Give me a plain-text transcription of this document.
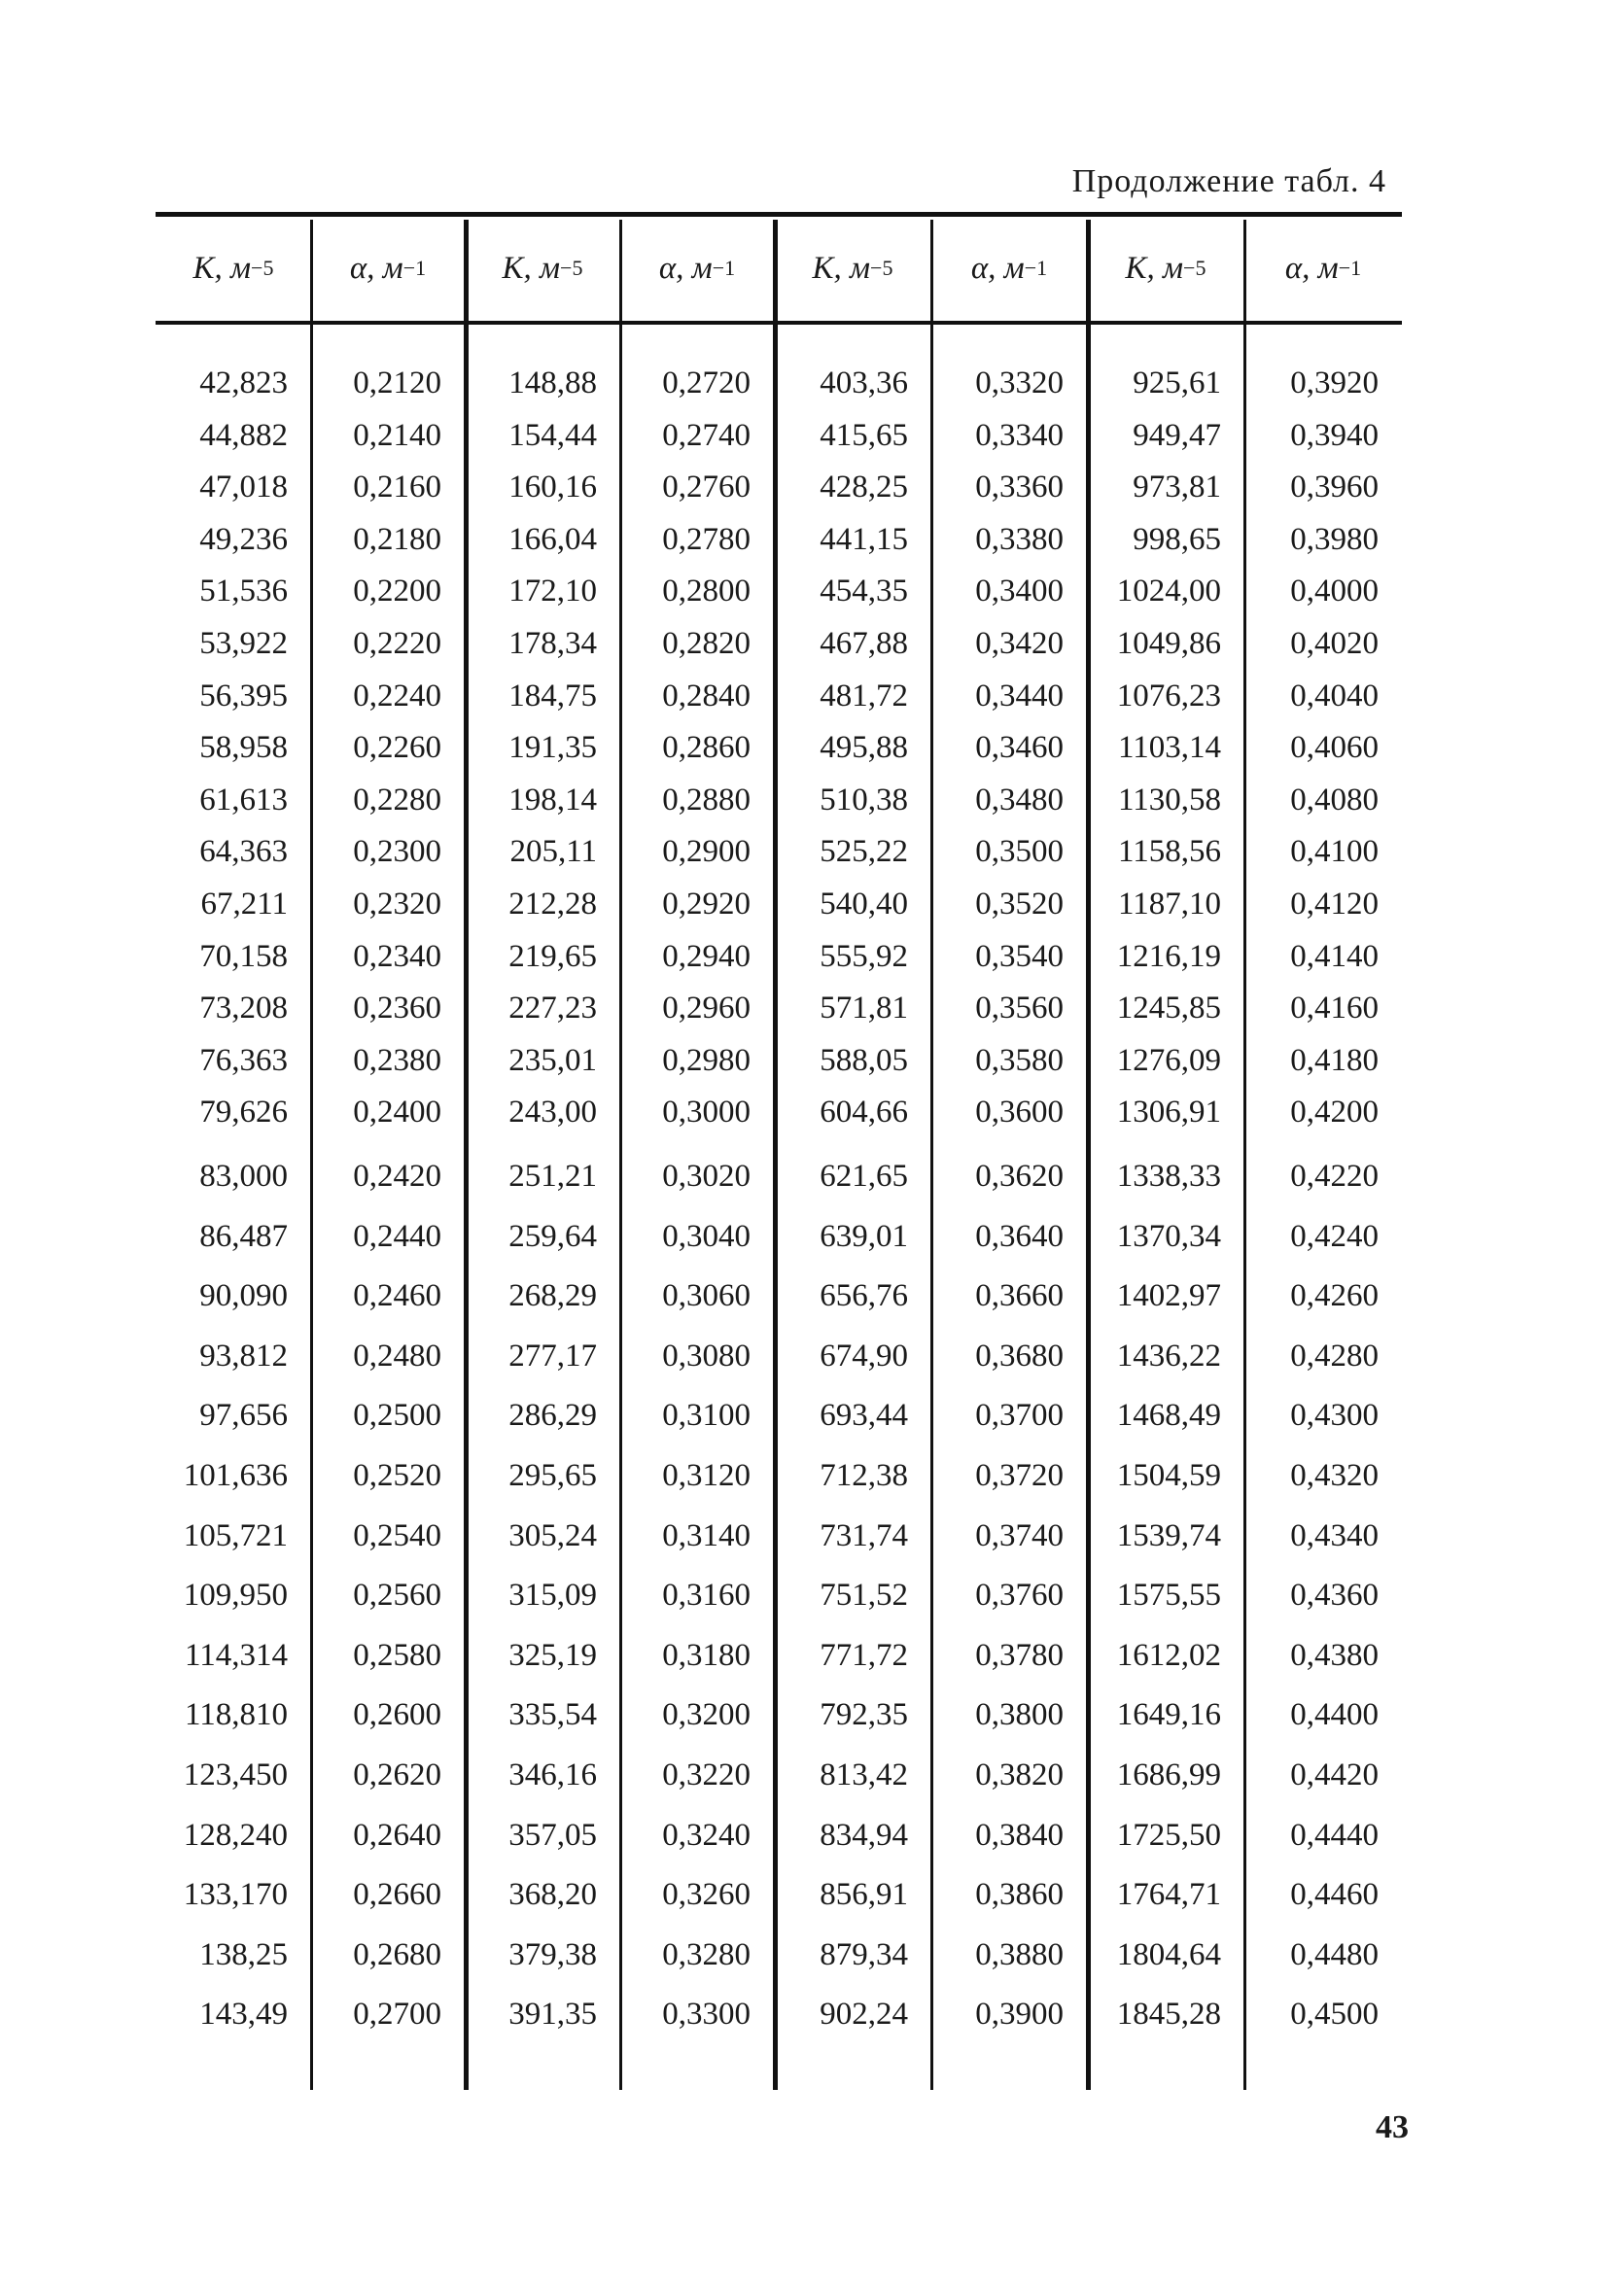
Продолжение табл. 4
К, м −5 α, м −1 К, м −5 α, м −1 К, м −5 α, м −1 К, м −5 α, м −1
42,823
44,882
47,018
49,236
51,536
53,922
56,395
58,958
61,613
64,363
67,211
70,158
73,208
76,363
79,626
83,000
86,487
90,090
93,812
97,656
101,636
105,721
109,950
114,314
118,810
123,450
128,240
133,170
138,25
143,49
0,2120
0,2140
0,2160
0,2180
0,2200
0,2220
0,2240
0,2260
0,2280
0,2300
0,2320
0,2340
0,2360
0,2380
0,2400
0,2420
0,2440
0,2460
0,2480
0,2500
0,2520
0,2540
0,2560
0,2580
0,2600
0,2620
0,2640
0,2660
0,2680
0,2700
148,88
154,44
160,16
166,04
172,10
178,34
184,75
191,35
198,14
205,11
212,28
219,65
227,23
235,01
243,00
251,21
259,64
268,29
277,17
286,29
295,65
305,24
315,09
325,19
335,54
346,16
357,05
368,20
379,38
391,35
0,2720
0,2740
0,2760
0,2780
0,2800
0,2820
0,2840
0,2860
0,2880
0,2900
0,2920
0,2940
0,2960
0,2980
0,3000
0,3020
0,3040
0,3060
0,3080
0,3100
0,3120
0,3140
0,3160
0,3180
0,3200
0,3220
0,3240
0,3260
0,3280
0,3300
403,36
415,65
428,25
441,15
454,35
467,88
481,72
495,88
510,38
525,22
540,40
555,92
571,81
588,05
604,66
621,65
639,01
656,76
674,90
693,44
712,38
731,74
751,52
771,72
792,35
813,42
834,94
856,91
879,34
902,24
0,3320
0,3340
0,3360
0,3380
0,3400
0,3420
0,3440
0,3460
0,3480
0,3500
0,3520
0,3540
0,3560
0,3580
0,3600
0,3620
0,3640
0,3660
0,3680
0,3700
0,3720
0,3740
0,3760
0,3780
0,3800
0,3820
0,3840
0,3860
0,3880
0,3900
925,61
949,47
973,81
998,65
1024,00
1049,86
1076,23
1103,14
1130,58
1158,56
1187,10
1216,19
1245,85
1276,09
1306,91
1338,33
1370,34
1402,97
1436,22
1468,49
1504,59
1539,74
1575,55
1612,02
1649,16
1686,99
1725,50
1764,71
1804,64
1845,28
0,3920
0,3940
0,3960
0,3980
0,4000
0,4020
0,4040
0,4060
0,4080
0,4100
0,4120
0,4140
0,4160
0,4180
0,4200
0,4220
0,4240
0,4260
0,4280
0,4300
0,4320
0,4340
0,4360
0,4380
0,4400
0,4420
0,4440
0,4460
0,4480
0,4500
43
